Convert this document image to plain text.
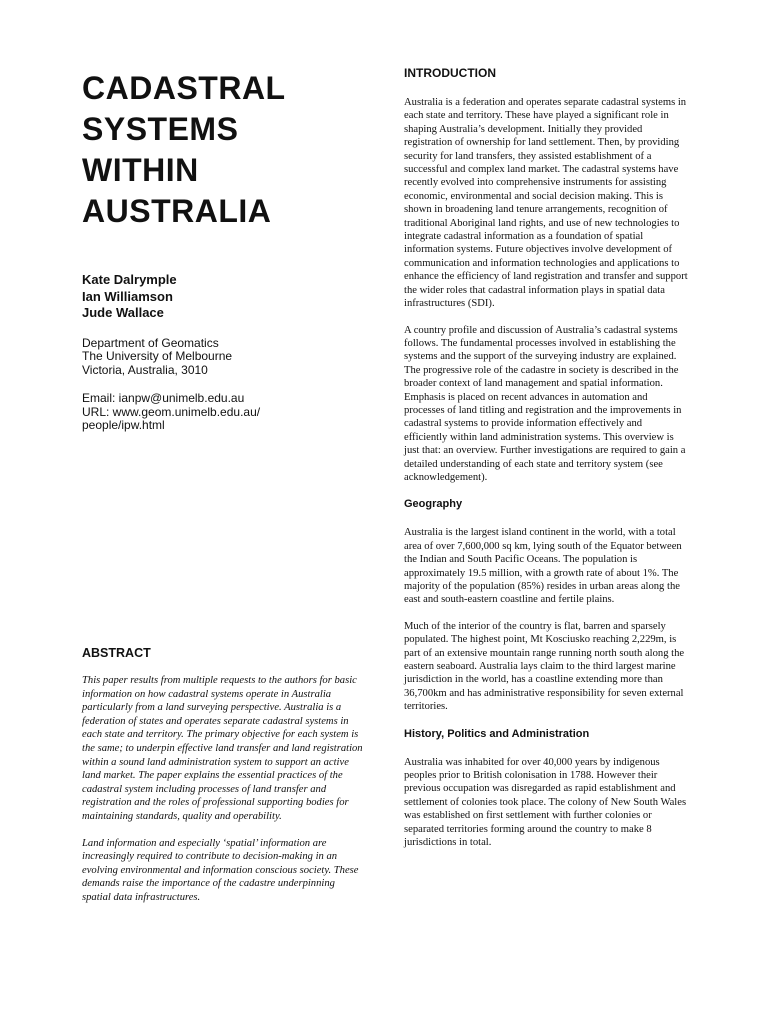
CADASTRAL
SYSTEMS
WITHIN
AUSTRALIA
Kate Dalrymple
Ian Williamson
Jude Wallace
Department of Geomatics
The University of Melbourne
Victoria, Australia, 3010
Email: ianpw@unimelb.edu.au
URL: www.geom.unimelb.edu.au/
people/ipw.html
ABSTRACT

This paper results from multiple requests to the authors for basic information on how cadastral systems operate in Australia particularly from a land surveying perspective. Australia is a federation of states and operates separate cadastral systems in each state and territory. The primary objective for each system is the same; to underpin effective land transfer and land registration within a sound land administration system to support an active land market. The paper explains the essential practices of the cadastral system including processes of land transfer and registration and the roles of professional supporting bodies for maintaining standards, quality and operability.

Land information and especially ‘spatial’ information are increasingly required to contribute to decision-making in an evolving environmental and information conscious society. These demands raise the importance of the cadastre underpinning spatial data infrastructures.

INTRODUCTION

Australia is a federation and operates separate cadastral systems in each state and territory. These have played a significant role in shaping Australia’s development. Initially they provided registration of ownership for land settlement. Then, by providing security for land transfers, they assisted establishment of a successful and complex land market. The cadastral systems have recently evolved into comprehensive instruments for assisting economic, environmental and social decision making. This is shown in broadening land tenure arrangements, recognition of traditional Aboriginal land rights, and use of new technologies to integrate cadastral information as a foundation of spatial information systems. Future objectives involve development of communication and information technologies and applications to enhance the efficiency of land registration and transfer and support the wider roles that cadastral information plays in spatial data infrastructures (SDI).

A country profile and discussion of Australia’s cadastral systems follows. The fundamental processes involved in establishing the systems and the support of the surveying industry are explained. The progressive role of the cadastre in society is described in the broader context of land management and spatial information. Emphasis is placed on recent advances in automation and processes of land titling and registration and the improvements in cadastral systems to provide information effectively and efficiently within land administration systems. This overview is just that: an overview. Further investigations are required to gain a detailed understanding of each state and territory system (see acknowledgement).

Geography

Australia is the largest island continent in the world, with a total area of over 7,600,000 sq km, lying south of the Equator between the Indian and South Pacific Oceans. The population is approximately 19.5 million, with a growth rate of about 1%. The majority of the population (85%) resides in urban areas along the east and south-eastern coastline and fertile plains.

Much of the interior of the country is flat, barren and sparsely populated. The highest point, Mt Kosciusko reaching 2,229m, is part of an extensive mountain range running north south along the eastern seaboard. Australia lays claim to the third largest marine jurisdiction in the world, has a coastline extending more than 36,700km and has administrative responsibility for seven external territories.

History, Politics and Administration

Australia was inhabited for over 40,000 years by indigenous peoples prior to British colonisation in 1788. However their previous occupation was disregarded as rapid establishment and settlement of colonies took place. The colony of New South Wales was established on first settlement with further colonies or separated territories forming around the country to make 8 jurisdictions in total.
